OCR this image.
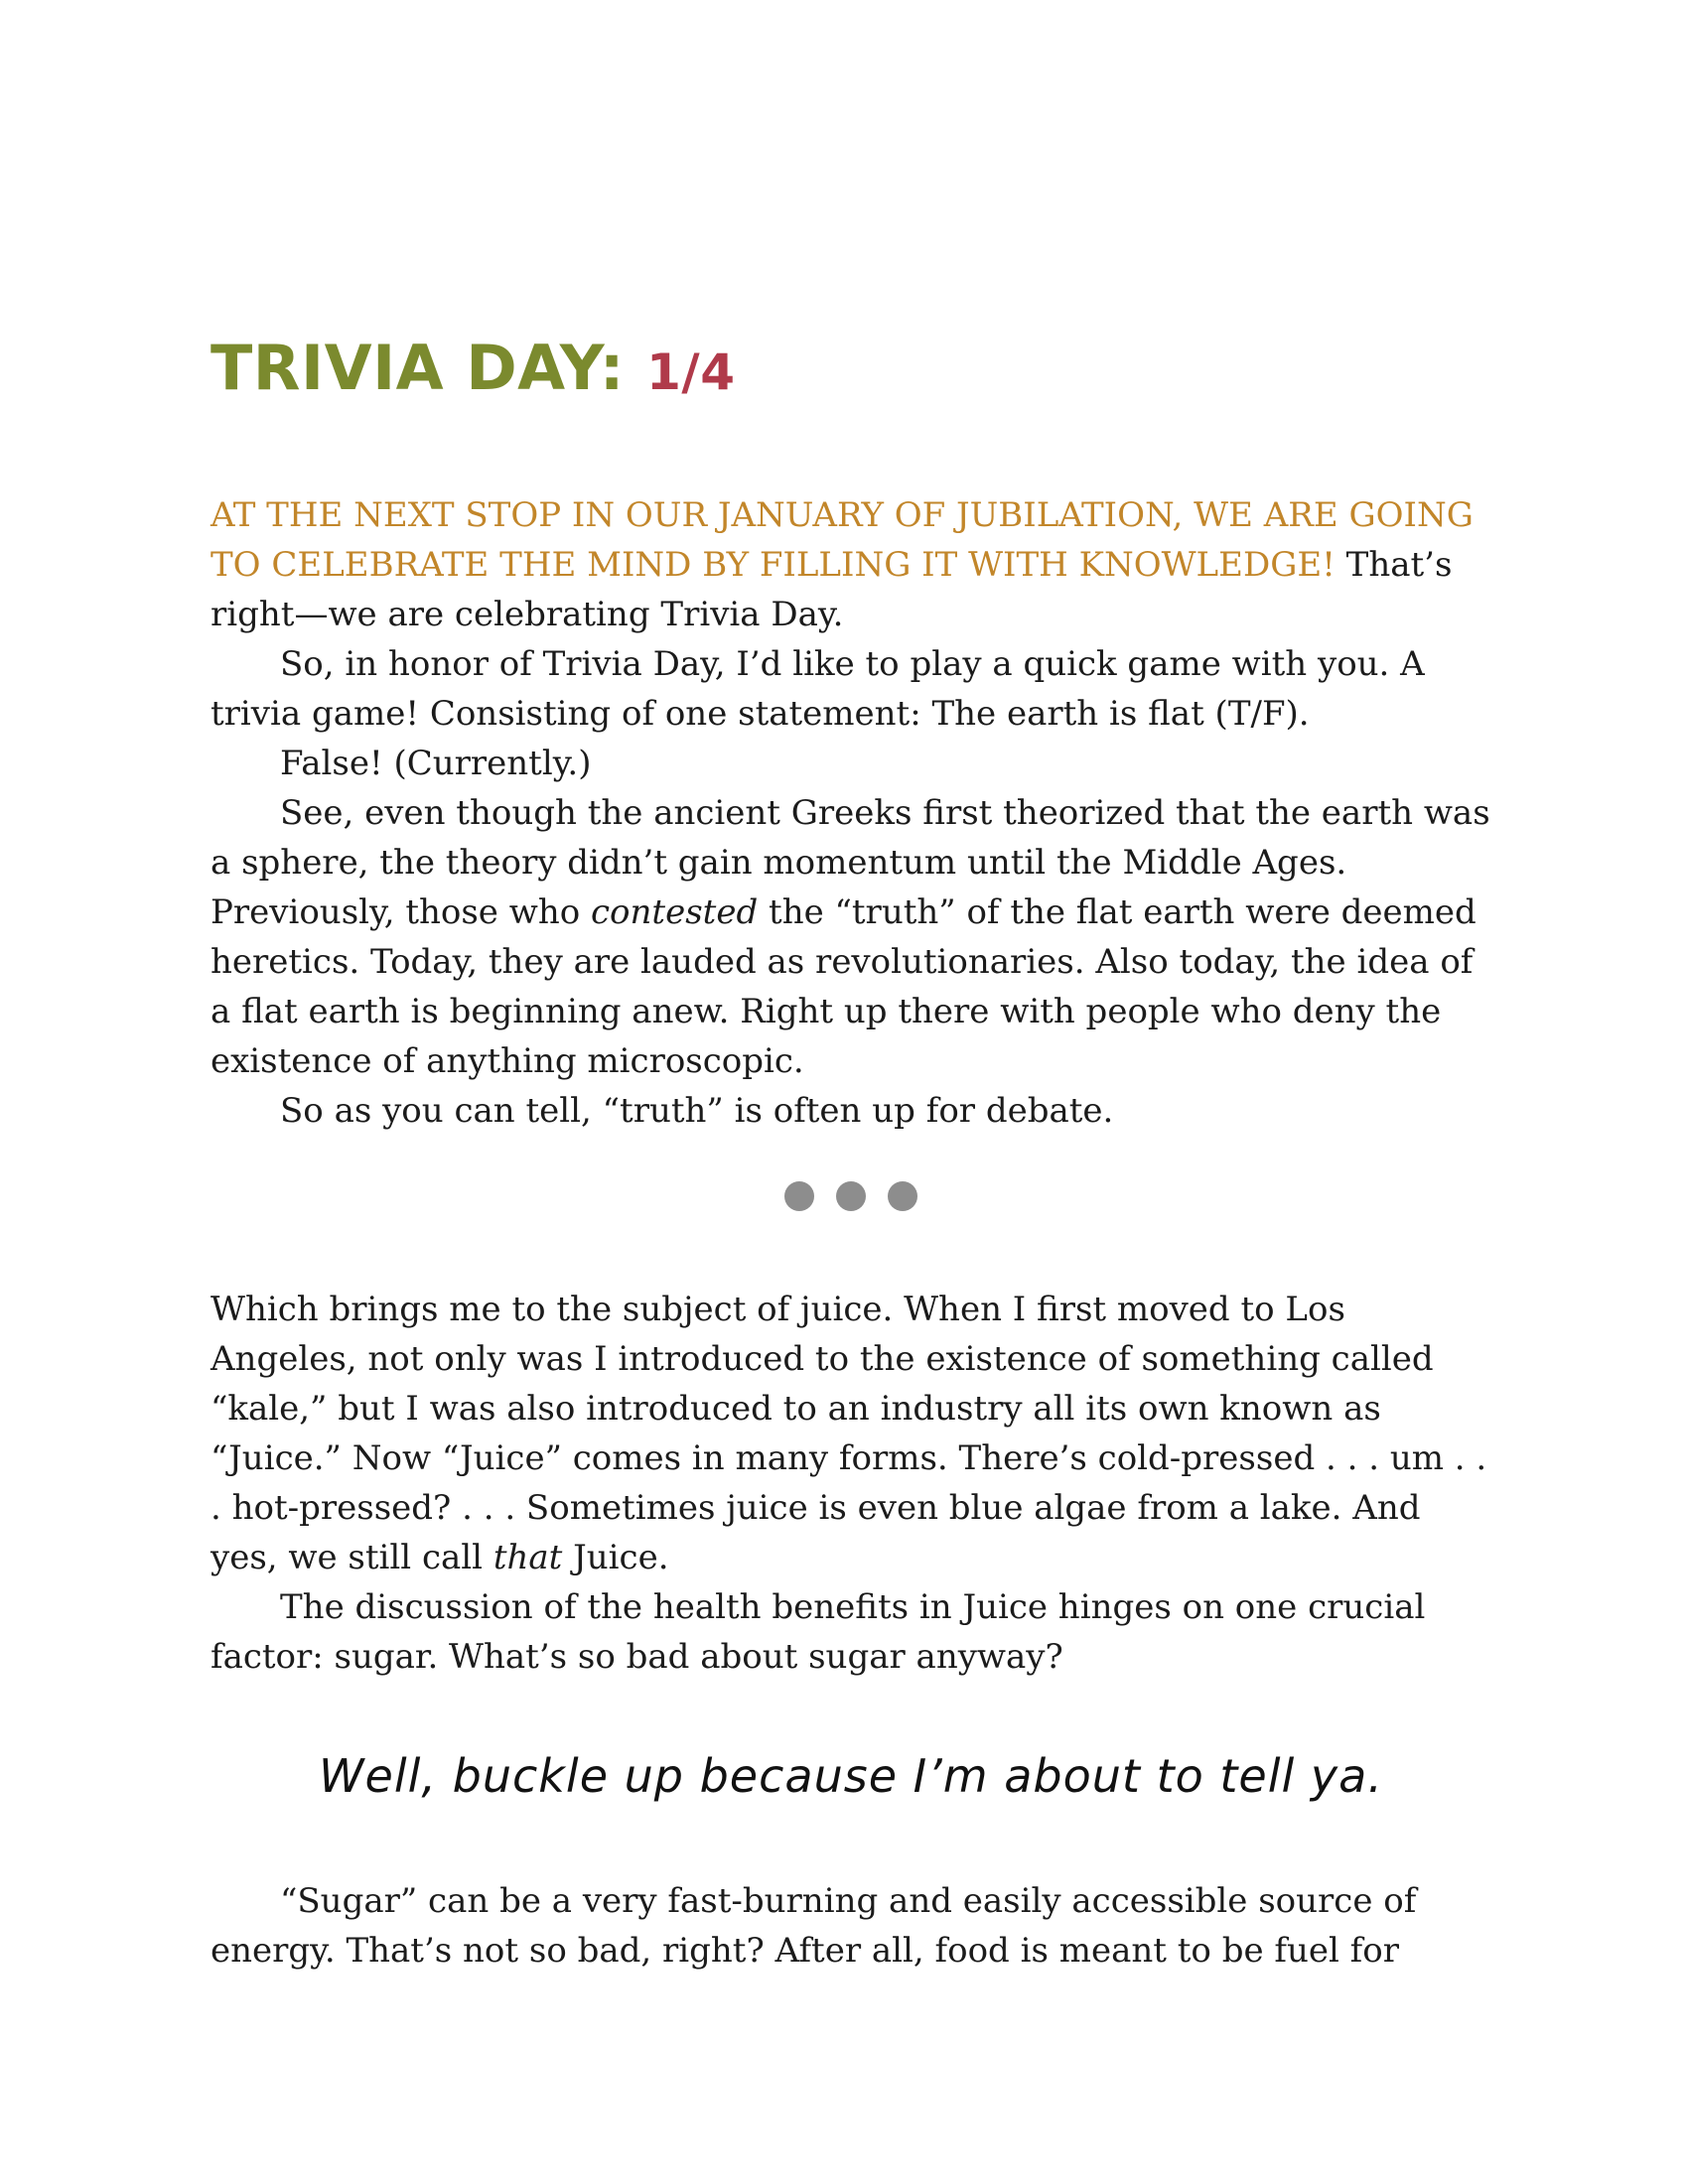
TRIVIA DAY: 1/4

AT THE NEXT STOP IN OUR JANUARY OF JUBILATION, WE ARE GOING TO CELEBRATE THE MIND BY FILLING IT WITH KNOWLEDGE! That’s right—we are celebrating Trivia Day.

So, in honor of Trivia Day, I’d like to play a quick game with you. A trivia game! Consisting of one statement: The earth is flat (T/F).

False! (Currently.)

See, even though the ancient Greeks first theorized that the earth was a sphere, the theory didn’t gain momentum until the Middle Ages. Previously, those who contested the “truth” of the flat earth were deemed heretics. Today, they are lauded as revolutionaries. Also today, the idea of a flat earth is beginning anew. Right up there with people who deny the existence of anything microscopic.

So as you can tell, “truth” is often up for debate.

Which brings me to the subject of juice. When I first moved to Los Angeles, not only was I introduced to the existence of something called “kale,” but I was also introduced to an industry all its own known as “Juice.” Now “Juice” comes in many forms. There’s cold-pressed . . . um . . . hot-pressed? . . . Sometimes juice is even blue algae from a lake. And yes, we still call that Juice.

The discussion of the health benefits in Juice hinges on one crucial factor: sugar. What’s so bad about sugar anyway?

Well, buckle up because I’m about to tell ya.

“Sugar” can be a very fast-burning and easily accessible source of energy. That’s not so bad, right? After all, food is meant to be fuel for
